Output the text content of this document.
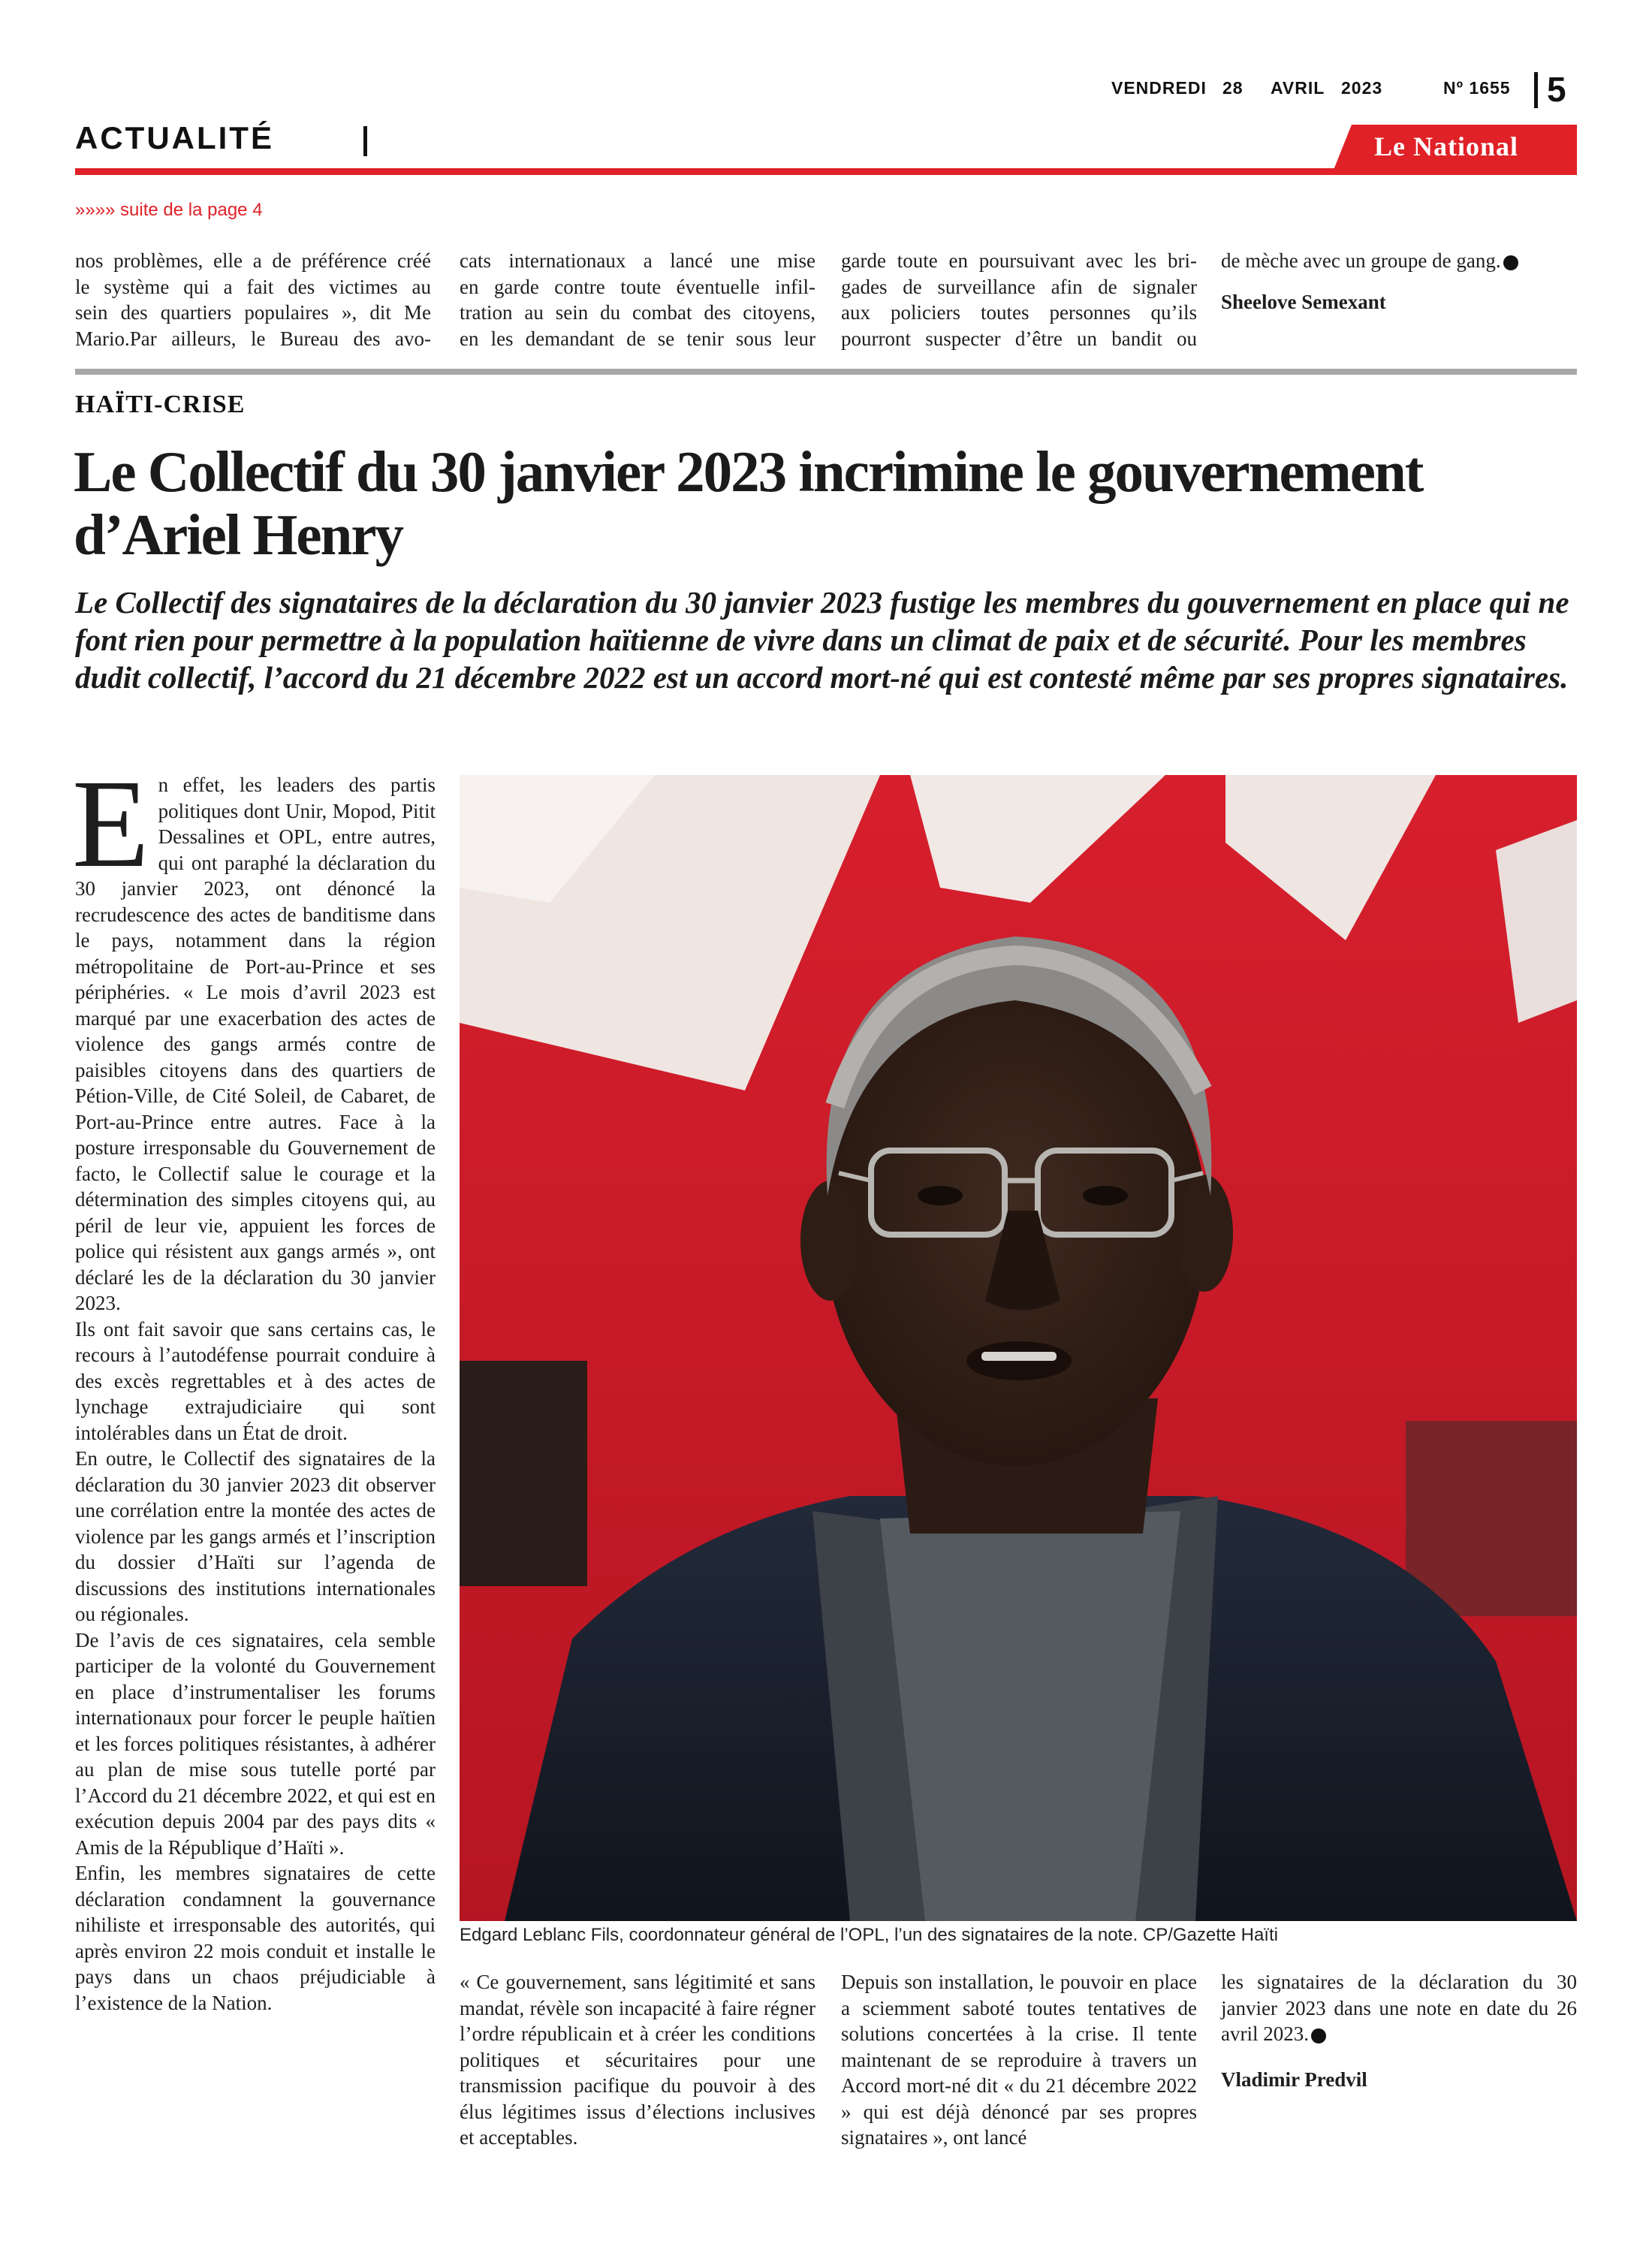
VENDREDI 28 AVRIL 2023	Nº 1655 5
ACTUALITÉ	Le National
»»»» suite de la page 4
nos problèmes, elle a de préférence créé
le système qui a fait des victimes au
sein des quartiers populaires », dit Me
Mario.Par ailleurs, le Bureau des avo-
cats internationaux a lancé une mise
en garde contre toute éventuelle infil-
tration au sein du combat des citoyens,
en les demandant de se tenir sous leur
garde toute en poursuivant avec les bri-
gades de surveillance afin de signaler
aux policiers toutes personnes qu’ils
pourront suspecter d’être un bandit ou
de mèche avec un groupe de gang.
Sheelove Semexant
HAÏTI-CRISE
Le Collectif du 30 janvier 2023 incrimine le gouvernement
d’Ariel Henry
Le Collectif des signataires de la déclaration du 30 janvier 2023 fustige les membres du gouvernement en place qui ne font rien pour permettre à la population haïtienne de vivre dans un climat de paix et de sécurité. Pour les membres dudit collectif, l’accord du 21 décembre 2022 est un accord mort-né qui est contesté même par ses propres signataires.

En effet, les leaders des partis politiques dont Unir, Mopod, Pitit Dessalines et OPL, entre autres, qui ont paraphé la déclaration du 30 janvier 2023, ont dénoncé la recrudescence des actes de banditisme dans le pays, notamment dans la région métropolitaine de Port-au-Prince et ses périphéries. « Le mois d’avril 2023 est marqué par une exacerbation des actes de violence des gangs armés contre de paisibles citoyens dans des quartiers de Pétion-Ville, de Cité Soleil, de Cabaret, de Port-au-Prince entre autres. Face à la posture irresponsable du Gouvernement de facto, le Collectif salue le courage et la détermination des simples citoyens qui, au péril de leur vie, appuient les forces de police qui résistent aux gangs armés », ont déclaré les de la déclaration du 30 janvier 2023.

Ils ont fait savoir que sans certains cas, le recours à l’autodéfense pourrait conduire à des excès regrettables et à des actes de lynchage extrajudiciaire qui sont intolérables dans un État de droit.

En outre, le Collectif des signataires de la déclaration du 30 janvier 2023 dit observer une corrélation entre la montée des actes de violence par les gangs armés et l’inscription du dossier d’Haïti sur l’agenda de discussions des institutions internationales ou régionales.

De l’avis de ces signataires, cela semble participer de la volonté du Gouvernement en place d’instrumentaliser les forums internationaux pour forcer le peuple haïtien et les forces politiques résistantes, à adhérer au plan de mise sous tutelle porté par l’Accord du 21 décembre 2022, et qui est en exécution depuis 2004 par des pays dits « Amis de la République d’Haïti ».

Enfin, les membres signataires de cette déclaration condamnent la gouvernance nihiliste et irresponsable des autorités, qui après environ 22 mois conduit et installe le pays dans un chaos préjudiciable à l’existence de la Nation.

Edgard Leblanc Fils, coordonnateur général de l’OPL, l’un des signataires de la note. CP/Gazette Haïti

« Ce gouvernement, sans légitimité et sans mandat, révèle son incapacité à faire régner l’ordre républicain et à créer les conditions politiques et sécuritaires pour une transmission pacifique du pouvoir à des élus légitimes issus d’élections inclusives et acceptables.

Depuis son installation, le pouvoir en place a sciemment saboté toutes tentatives de solutions concertées à la crise. Il tente maintenant de se reproduire à travers un Accord mort-né dit « du 21 décembre 2022 » qui est déjà dénoncé par ses propres signataires », ont lancé

les signataires de la déclaration du 30 janvier 2023 dans une note en date du 26 avril 2023.

Vladimir Predvil
